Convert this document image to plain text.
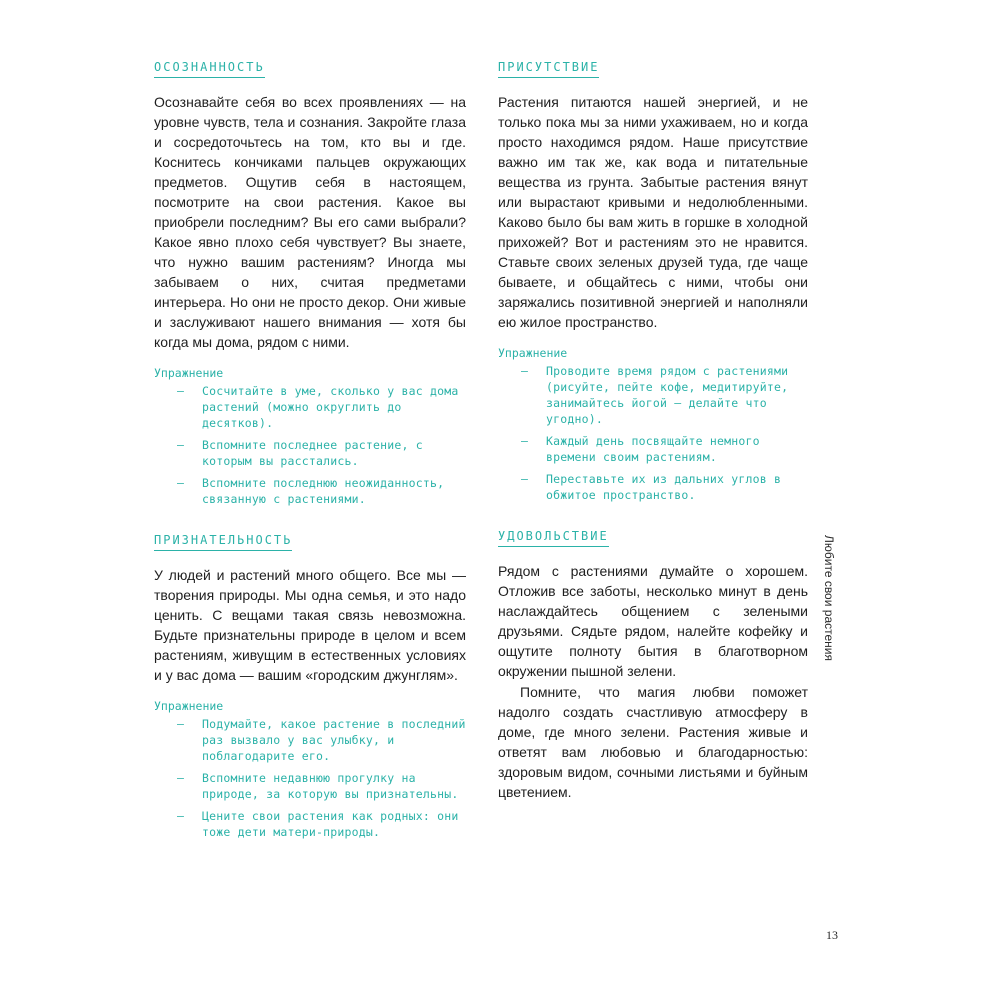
ОСОЗНАННОСТЬ

Осознавайте себя во всех проявлениях — на уровне чувств, тела и сознания. Закройте глаза и сосредоточьтесь на том, кто вы и где. Коснитесь кончиками пальцев окружающих предметов. Ощутив себя в настоящем, посмотрите на свои растения. Какое вы приобрели последним? Вы его сами выбрали? Какое явно плохо себя чувствует? Вы знаете, что нужно вашим растениям? Иногда мы забываем о них, считая предметами интерьера. Но они не просто декор. Они живые и заслуживают нашего внимания — хотя бы когда мы дома, рядом с ними.

Упражнение
— Сосчитайте в уме, сколько у вас дома растений (можно округлить до десятков).
— Вспомните последнее растение, с которым вы расстались.
— Вспомните последнюю неожиданность, связанную с растениями.
ПРИЗНАТЕЛЬНОСТЬ

У людей и растений много общего. Все мы — творения природы. Мы одна семья, и это надо ценить. С вещами такая связь невозможна. Будьте признательны природе в целом и всем растениям, живущим в естественных условиях и у вас дома — вашим «городским джунглям».

Упражнение
— Подумайте, какое растение в последний раз вызвало у вас улыбку, и поблагодарите его.
— Вспомните недавнюю прогулку на природе, за которую вы признательны.
— Цените свои растения как родных: они тоже дети матери-природы.
ПРИСУТСТВИЕ

Растения питаются нашей энергией, и не только пока мы за ними ухаживаем, но и когда просто находимся рядом. Наше присутствие важно им так же, как вода и питательные вещества из грунта. Забытые растения вянут или вырастают кривыми и недолюбленными. Каково было бы вам жить в горшке в холодной прихожей? Вот и растениям это не нравится. Ставьте своих зеленых друзей туда, где чаще бываете, и общайтесь с ними, чтобы они заряжались позитивной энергией и наполняли ею жилое пространство.

Упражнение
— Проводите время рядом с растениями (рисуйте, пейте кофе, медитируйте, занимайтесь йогой — делайте что угодно).
— Каждый день посвящайте немного времени своим растениям.
— Переставьте их из дальних углов в обжитое пространство.
УДОВОЛЬСТВИЕ

Рядом с растениями думайте о хорошем. Отложив все заботы, несколько минут в день наслаждайтесь общением с зелеными друзьями. Сядьте рядом, налейте кофейку и ощутите полноту бытия в благотворном окружении пышной зелени.

Помните, что магия любви поможет надолго создать счастливую атмосферу в доме, где много зелени. Растения живые и ответят вам любовью и благодарностью: здоровым видом, сочными листьями и буйным цветением.

Любите свои растения
13
